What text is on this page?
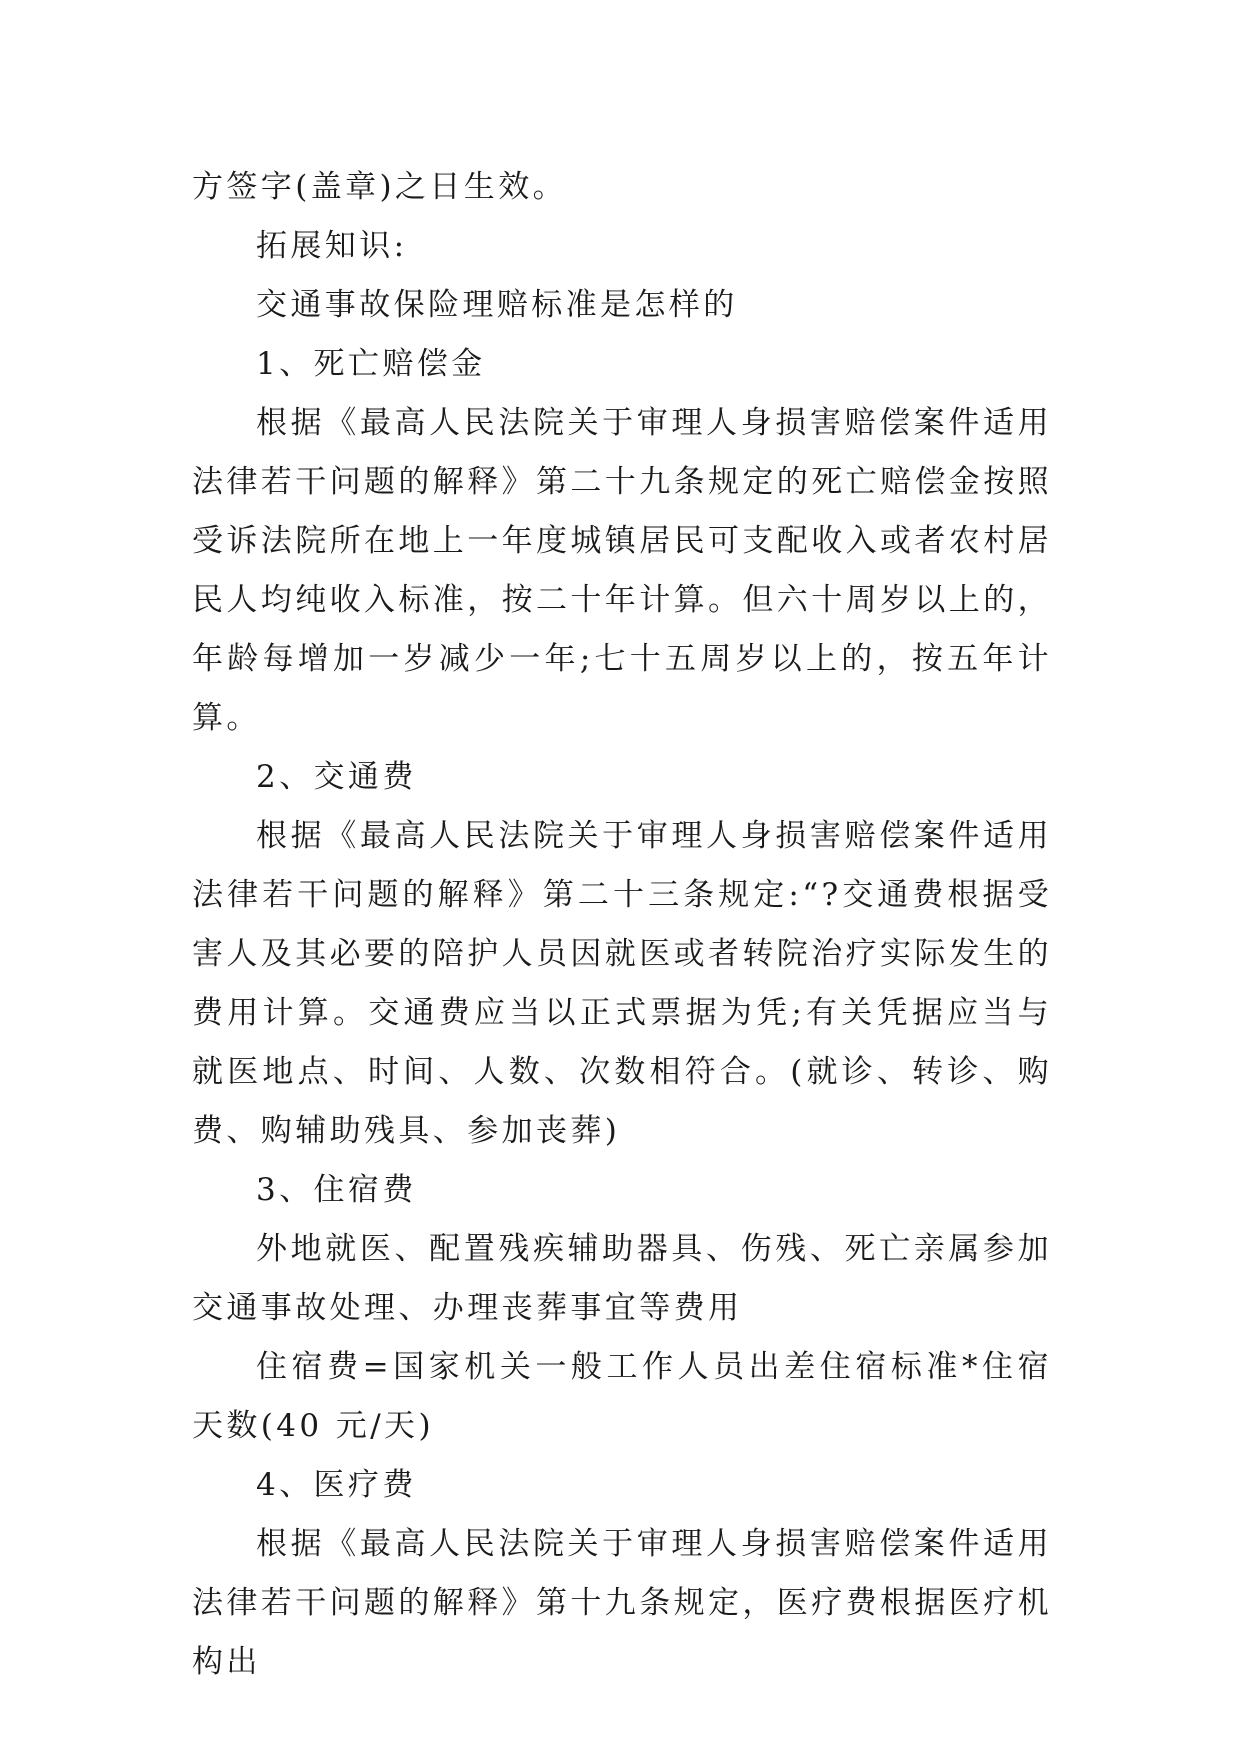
方签字(盖章)之日生效。

拓展知识:

交通事故保险理赔标准是怎样的

1、死亡赔偿金

根据《最高人民法院关于审理人身损害赔偿案件适用法律若干问题的解释》第二十九条规定的死亡赔偿金按照受诉法院所在地上一年度城镇居民可支配收入或者农村居民人均纯收入标准，按二十年计算。但六十周岁以上的，年龄每增加一岁减少一年;七十五周岁以上的，按五年计算。

2、交通费

根据《最高人民法院关于审理人身损害赔偿案件适用法律若干问题的解释》第二十三条规定:“?交通费根据受害人及其必要的陪护人员因就医或者转院治疗实际发生的费用计算。交通费应当以正式票据为凭;有关凭据应当与就医地点、时间、人数、次数相符合。(就诊、转诊、购费、购辅助残具、参加丧葬)

3、住宿费

外地就医、配置残疾辅助器具、伤残、死亡亲属参加交通事故处理、办理丧葬事宜等费用

住宿费=国家机关一般工作人员出差住宿标准*住宿天数(40 元/天)

4、医疗费

根据《最高人民法院关于审理人身损害赔偿案件适用法律若干问题的解释》第十九条规定，医疗费根据医疗机构出
